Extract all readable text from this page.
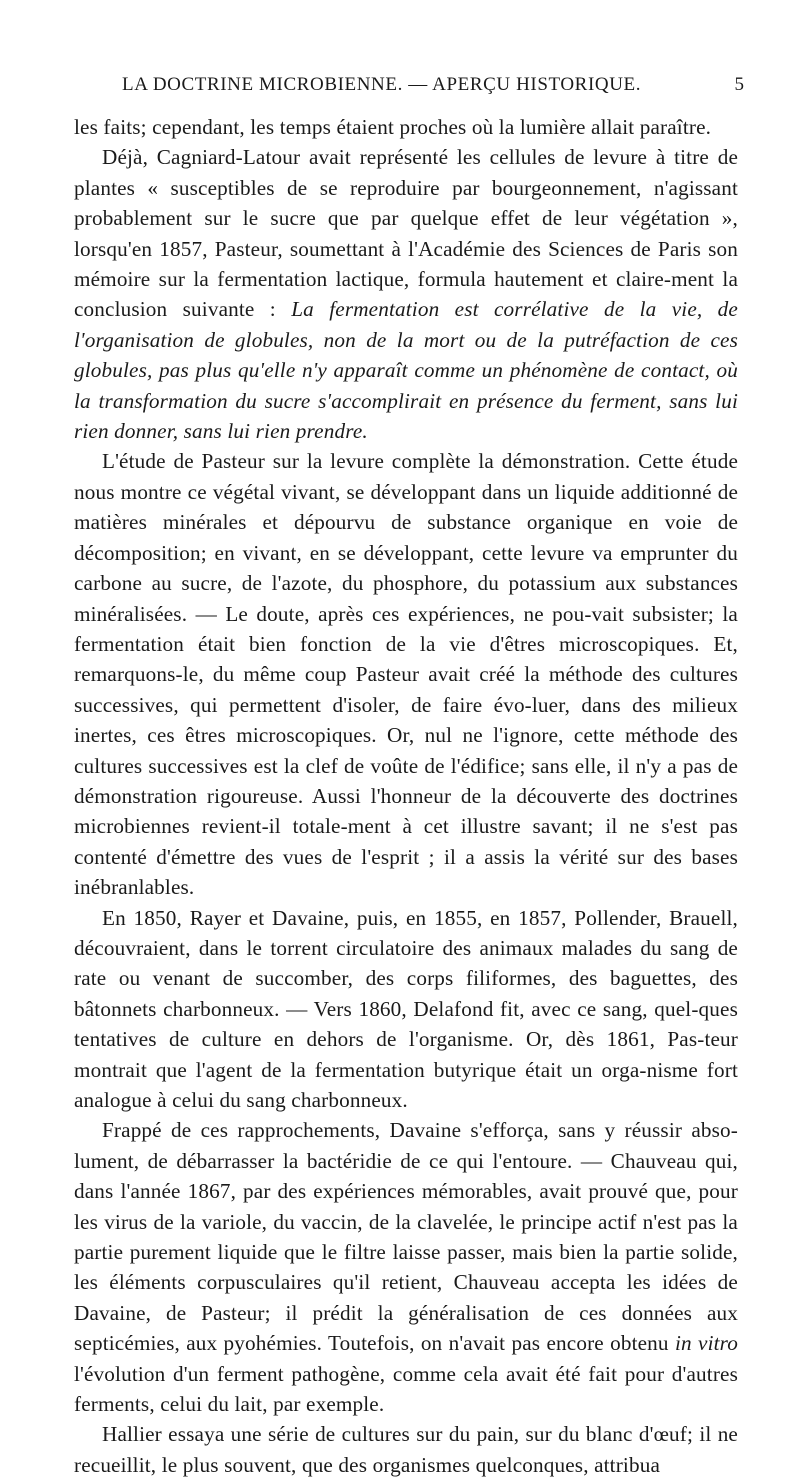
LA DOCTRINE MICROBIENNE. — APERÇU HISTORIQUE.	5

les faits; cependant, les temps étaient proches où la lumière allait paraître.

Déjà, Cagniard-Latour avait représenté les cellules de levure à titre de plantes « susceptibles de se reproduire par bourgeonnement, n'agissant probablement sur le sucre que par quelque effet de leur végétation », lorsqu'en 1857, Pasteur, soumettant à l'Académie des Sciences de Paris son mémoire sur la fermentation lactique, formula hautement et claire-ment la conclusion suivante : La fermentation est corrélative de la vie, de l'organisation de globules, non de la mort ou de la putréfaction de ces globules, pas plus qu'elle n'y apparaît comme un phénomène de contact, où la transformation du sucre s'accomplirait en présence du ferment, sans lui rien donner, sans lui rien prendre.

L'étude de Pasteur sur la levure complète la démonstration. Cette étude nous montre ce végétal vivant, se développant dans un liquide additionné de matières minérales et dépourvu de substance organique en voie de décomposition; en vivant, en se développant, cette levure va emprunter du carbone au sucre, de l'azote, du phosphore, du potassium aux substances minéralisées. — Le doute, après ces expériences, ne pou-vait subsister; la fermentation était bien fonction de la vie d'êtres microscopiques. Et, remarquons-le, du même coup Pasteur avait créé la méthode des cultures successives, qui permettent d'isoler, de faire évo-luer, dans des milieux inertes, ces êtres microscopiques. Or, nul ne l'ignore, cette méthode des cultures successives est la clef de voûte de l'édifice; sans elle, il n'y a pas de démonstration rigoureuse. Aussi l'honneur de la découverte des doctrines microbiennes revient-il totale-ment à cet illustre savant; il ne s'est pas contenté d'émettre des vues de l'esprit ; il a assis la vérité sur des bases inébranlables.

En 1850, Rayer et Davaine, puis, en 1855, en 1857, Pollender, Brauell, découvraient, dans le torrent circulatoire des animaux malades du sang de rate ou venant de succomber, des corps filiformes, des baguettes, des bâtonnets charbonneux. — Vers 1860, Delafond fit, avec ce sang, quel-ques tentatives de culture en dehors de l'organisme. Or, dès 1861, Pas-teur montrait que l'agent de la fermentation butyrique était un orga-nisme fort analogue à celui du sang charbonneux.

Frappé de ces rapprochements, Davaine s'efforça, sans y réussir abso-lument, de débarrasser la bactéridie de ce qui l'entoure. — Chauveau qui, dans l'année 1867, par des expériences mémorables, avait prouvé que, pour les virus de la variole, du vaccin, de la clavelée, le principe actif n'est pas la partie purement liquide que le filtre laisse passer, mais bien la partie solide, les éléments corpusculaires qu'il retient, Chauveau accepta les idées de Davaine, de Pasteur; il prédit la généralisation de ces données aux septicémies, aux pyohémies. Toutefois, on n'avait pas encore obtenu in vitro l'évolution d'un ferment pathogène, comme cela avait été fait pour d'autres ferments, celui du lait, par exemple.

Hallier essaya une série de cultures sur du pain, sur du blanc d'œuf; il ne recueillit, le plus souvent, que des organismes quelconques, attribua
